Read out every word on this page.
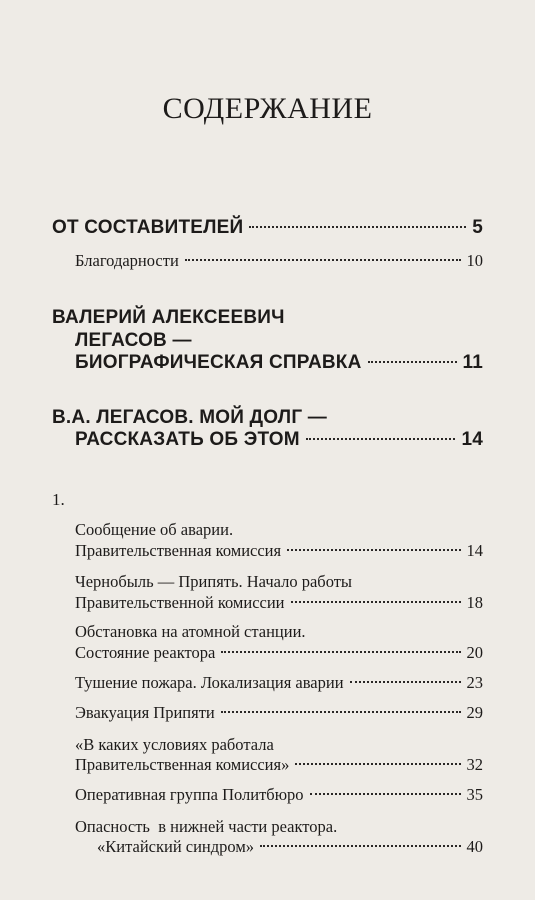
СОДЕРЖАНИЕ
ОТ СОСТАВИТЕЛЕЙ	5
Благодарности	10
ВАЛЕРИЙ АЛЕКСЕЕВИЧ
ЛЕГАСОВ —
БИОГРАФИЧЕСКАЯ СПРАВКА	11
В.А. ЛЕГАСОВ. МОЙ ДОЛГ —
РАССКАЗАТЬ ОБ ЭТОМ	14
1.
Сообщение об аварии.
Правительственная комиссия	14
Чернобыль — Припять. Начало работы
Правительственной комиссии	18
Обстановка на атомной станции.
Состояние реактора	20
Тушение пожара. Локализация аварии	23
Эвакуация Припяти	29
«В каких условиях работала
Правительственная комиссия»	32
Оперативная группа Политбюро	35
Опасность  в нижней части реактора.
«Китайский синдром»	40
